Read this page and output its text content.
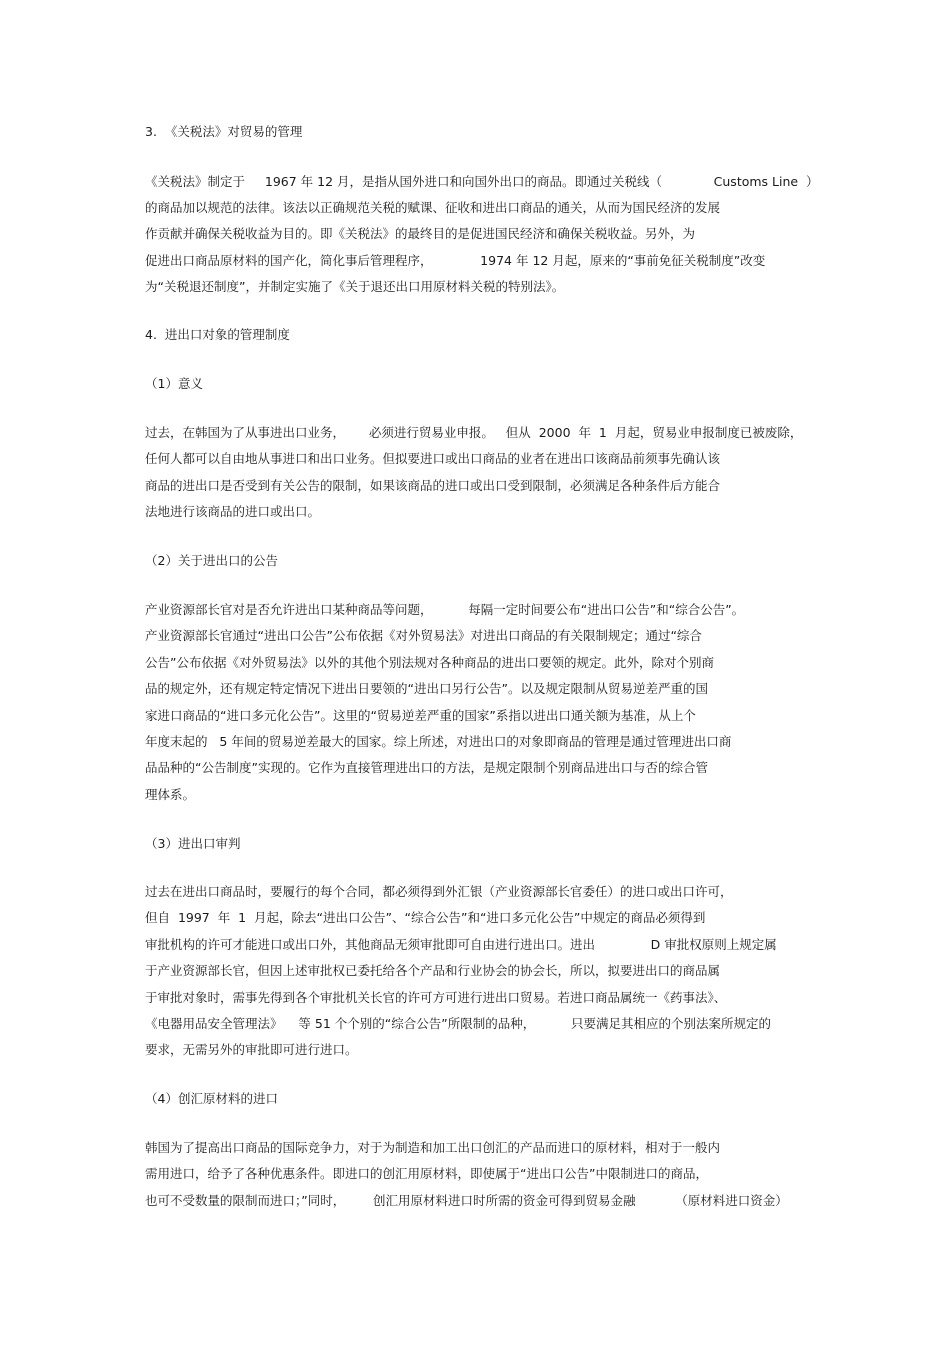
3.  《关税法》对贸易的管理

《关税法》制定于     1967 年 12 月，是指从国外进口和向国外出口的商品。即通过关税线（             Customs Line  ）

的商品加以规范的法律。该法以正确规范关税的赋课、征收和进出口商品的通关，从而为国民经济的发展

作贡献并确保关税收益为目的。即《关税法》的最终目的是促进国民经济和确保关税收益。另外，为

促进出口商品原材料的国产化，简化事后管理程序，            1974 年 12 月起，原来的“事前免征关税制度”改变

为“关税退还制度”，并制定实施了《关于退还出口用原材料关税的特别法》。

4.  进出口对象的管理制度

（1）意义

过去，在韩国为了从事进出口业务，      必须进行贸易业申报。   但从  2000  年  1  月起，贸易业申报制度已被废除，

任何人都可以自由地从事进口和出口业务。但拟要进口或出口商品的业者在进出口该商品前须事先确认该

商品的进出口是否受到有关公告的限制，如果该商品的进口或出口受到限制，必须满足各种条件后方能合

法地进行该商品的进口或出口。

（2）关于进出口的公告

产业资源部长官对是否允许进出口某种商品等问题，         每隔一定时间要公布“进出口公告”和“综合公告”。

产业资源部长官通过“进出口公告”公布依据《对外贸易法》对进出口商品的有关限制规定；通过“综合

公告”公布依据《对外贸易法》以外的其他个别法规对各种商品的进出口要领的规定。此外，除对个别商

品的规定外，还有规定特定情况下进出日要领的“进出口另行公告”。以及规定限制从贸易逆差严重的国

家进口商品的“进口多元化公告”。这里的“贸易逆差严重的国家”系指以进出口通关额为基准，从上个

年度末起的   5 年间的贸易逆差最大的国家。综上所述，对进出口的对象即商品的管理是通过管理进出口商

品品种的“公告制度”实现的。它作为直接管理进出口的方法，是规定限制个别商品进出口与否的综合管

理体系。

（3）进出口审判

过去在进出口商品时，要履行的每个合同，都必须得到外汇银（产业资源部长官委任）的进口或出口许可，

但自  1997  年  1  月起，除去“进出口公告”、“综合公告”和“进口多元化公告”中规定的商品必须得到

审批机构的许可才能进口或出口外，其他商品无须审批即可自由进行进出口。进出              D 审批权原则上规定属

于产业资源部长官，但因上述审批权已委托给各个产品和行业协会的协会长，所以，拟要进出口的商品属

于审批对象时，需事先得到各个审批机关长官的许可方可进行进出口贸易。若进口商品属统一《药事法》、

《电器用品安全管理法》    等 51 个个别的“综合公告”所限制的品种，         只要满足其相应的个别法案所规定的

要求，无需另外的审批即可进行进口。

（4）创汇原材料的进口

韩国为了提高出口商品的国际竞争力，对于为制造和加工出口创汇的产品而进口的原材料，相对于一般内

需用进口，给予了各种优惠条件。即进口的创汇用原材料，即使属于“进出口公告”中限制进口的商品，

也可不受数量的限制而进口；”同时，       创汇用原材料进口时所需的资金可得到贸易金融          （原材料进口资金）
